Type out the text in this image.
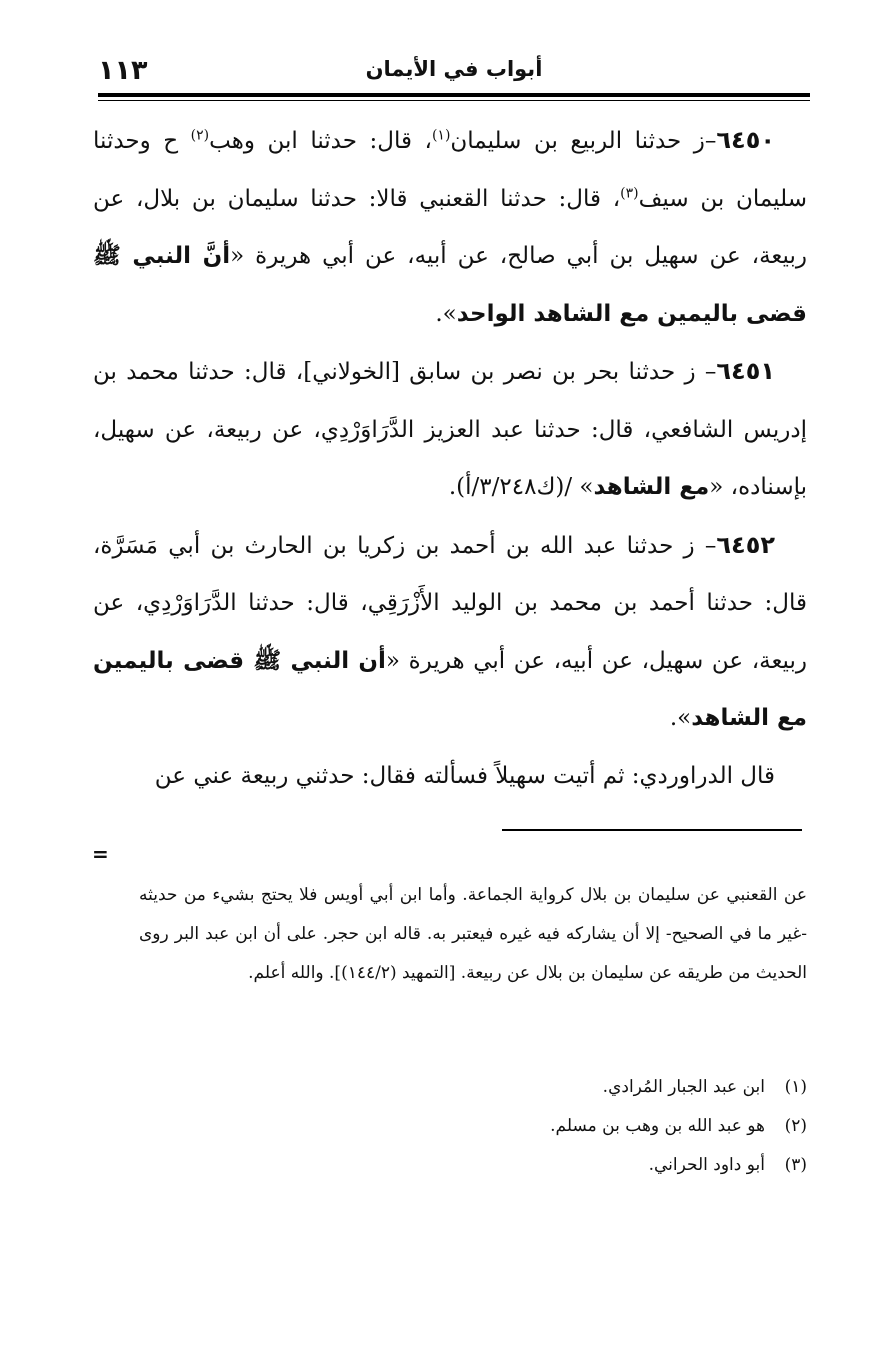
١١٣	أبواب في الأيمان

٦٤٥٠–ز حدثنا الربيع بن سليمان$^{(١)}$، قال: حدثنا ابن وهب$^{(٢)}$ ح وحدثنا سليمان بن سيف$^{(٣)}$، قال: حدثنا القعنبي قالا: حدثنا سليمان بن بلال، عن ربيعة، عن سهيل بن أبي صالح، عن أبيه، عن أبي هريرة «أنَّ النبي ﷺ قضى باليمين مع الشاهد الواحد».

٦٤٥١– ز حدثنا بحر بن نصر بن سابق [الخولاني]، قال: حدثنا محمد بن إدريس الشافعي، قال: حدثنا عبد العزيز الدَّرَاوَرْدِي، عن ربيعة، عن سهيل، بإسناده، «مع الشاهد» /(ك٣/٢٤٨/أ).

٦٤٥٢– ز حدثنا عبد الله بن أحمد بن زكريا بن الحارث بن أبي مَسَرَّة، قال: حدثنا أحمد بن محمد بن الوليد الأَزْرَقِي، قال: حدثنا الدَّرَاوَرْدِي، عن ربيعة، عن سهيل، عن أبيه، عن أبي هريرة «أن النبي ﷺ قضى باليمين مع الشاهد».

قال الدراوردي: ثم أتيت سهيلاً فسألته فقال: حدثني ربيعة عني عن

=

عن القعنبي عن سليمان بن بلال كرواية الجماعة. وأما ابن أبي أويس فلا يحتج بشيء من حديثه -غير ما في الصحيح- إلا أن يشاركه فيه غيره فيعتبر به. قاله ابن حجر. على أن ابن عبد البر روى الحديث من طريقه عن سليمان بن بلال عن ربيعة. [التمهيد (١٤٤/٢)]. والله أعلم.

(١)ابن عبد الجبار المُرادي.
(٢)هو عبد الله بن وهب بن مسلم.
(٣)أبو داود الحراني.
